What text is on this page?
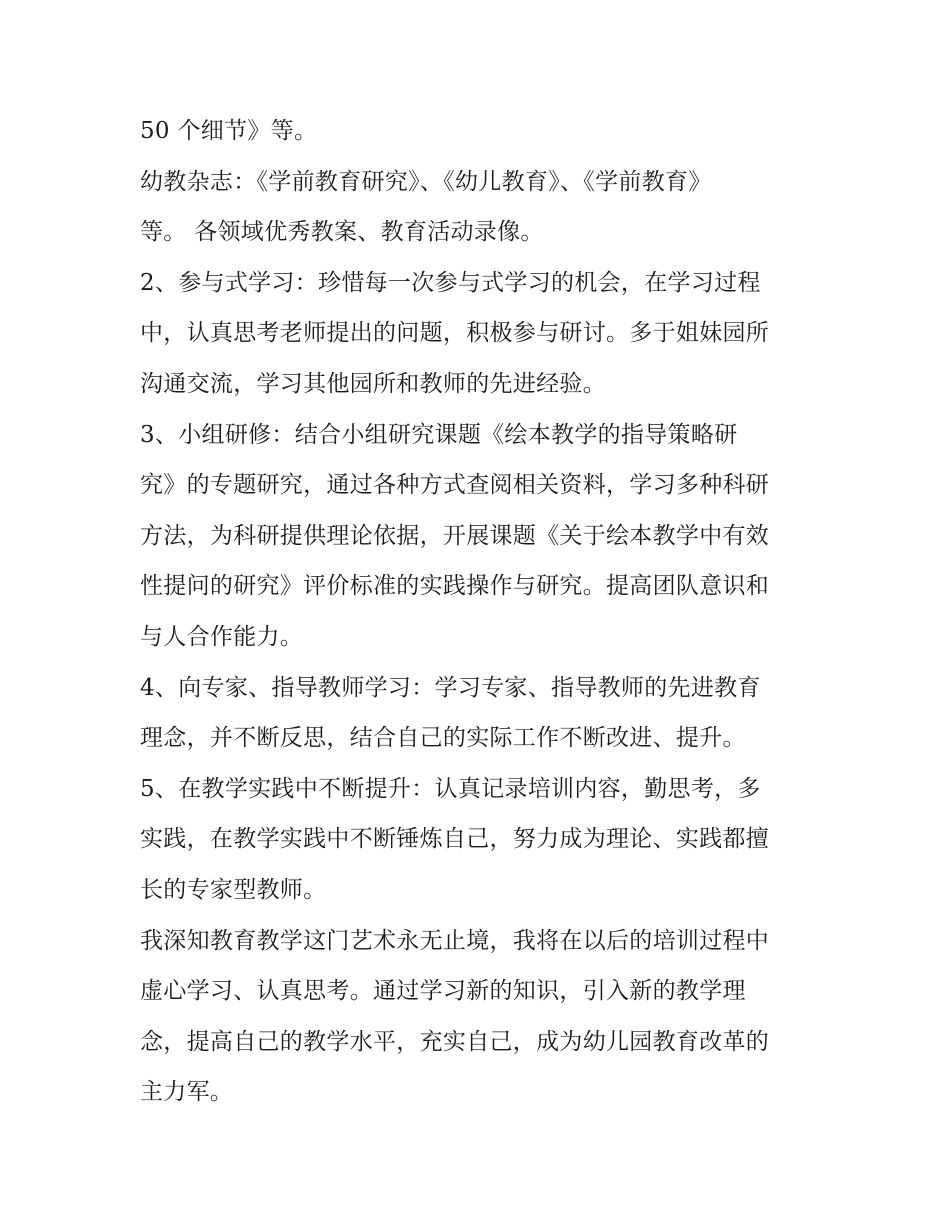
50 个细节》等。
幼教杂志：《学前教育研究》、《幼儿教育》、《学前教育》
等。 各领域优秀教案、教育活动录像。
2、参与式学习：珍惜每一次参与式学习的机会，在学习过程
中，认真思考老师提出的问题，积极参与研讨。多于姐妹园所
沟通交流，学习其他园所和教师的先进经验。
3、小组研修：结合小组研究课题《绘本教学的指导策略研
究》的专题研究，通过各种方式查阅相关资料，学习多种科研
方法，为科研提供理论依据，开展课题《关于绘本教学中有效
性提问的研究》评价标准的实践操作与研究。提高团队意识和
与人合作能力。
4、向专家、指导教师学习：学习专家、指导教师的先进教育
理念，并不断反思，结合自己的实际工作不断改进、提升。
5、在教学实践中不断提升：认真记录培训内容，勤思考，多
实践，在教学实践中不断锤炼自己，努力成为理论、实践都擅
长的专家型教师。
我深知教育教学这门艺术永无止境，我将在以后的培训过程中
虚心学习、认真思考。通过学习新的知识，引入新的教学理
念，提高自己的教学水平，充实自己，成为幼儿园教育改革的
主力军。
